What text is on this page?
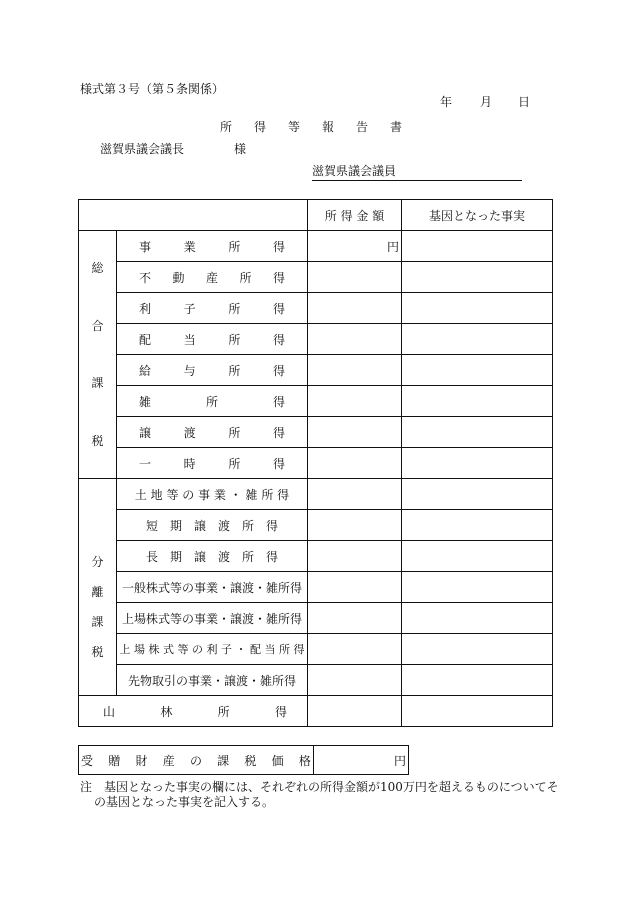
様式第３号（第５条関係）
年 月 日
所 得 等 報 告 書
滋賀県議会議長	様
滋賀県議会議員
		所 得 金 額	基因となった事実

総
合
課
税	事 業 所 得	円	

	不 動 産 所 得		

	利 子 所 得		

	配 当 所 得		

	給 与 所 得		

	雑 所 得		

	譲 渡 所 得		

	一 時 所 得		

分
離
課
税	土 地 等 の 事 業 ・ 雑 所 得		
	短　期　譲　渡　所　得		
	長　期　譲　渡　所　得		
	一般株式等の事業・譲渡・雑所得		
	上場株式等の事業・譲渡・雑所得		
	上 場 株 式 等 の 利 子 ・ 配 当 所 得		
	先物取引の事業・譲渡・雑所得		

山 林 所 得			

受 贈 財 産 の 課 税 価 格	円
注　基因となった事実の欄には、それぞれの所得金額が100万円を超えるものについてそ
の基因となった事実を記入する。
